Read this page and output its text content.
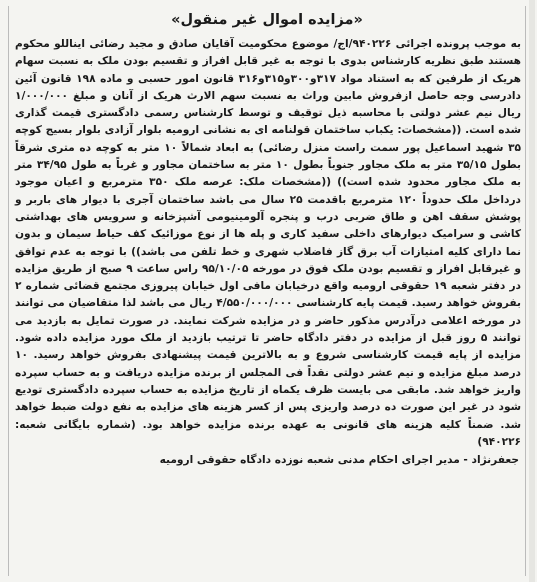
«مزایده اموال غیر منقول»

به موجب پرونده اجرائی ۹۴۰۲۲۶/اج/ موضوع محکومیت آقایان صادق و مجید رضائی ایناللو محکوم هستند طبق نظریه کارشناس بدوی با توجه به غیر قابل افراز و تقسیم بودن ملک به نسبت سهام هریک از طرفین که به استناد مواد ۳۱۷و۳۰۰و۳۱۵و۳۱۶ قانون امور حسبی و ماده ۱۹۸ قانون آئین دادرسی وجه حاصل ازفروش مابین وراث به نسبت سهم الارث هریک از آنان و مبلغ ۱/۰۰۰/۰۰۰ ریال نیم عشر دولتی با محاسبه ذیل توقیف و توسط کارشناس رسمی دادگستری قیمت گذاری شده است. ((مشخصات: یکباب ساختمان قولنامه ای به نشانی ارومیه بلوار آزادی بلوار بسیج کوچه ۳۵ شهید اسماعیل پور سمت راست منزل رضائی) به ابعاد شمالاً ۱۰ متر به کوچه ده متری شرقاً بطول ۳۵/۱۵ متر به ملک مجاور جنوباً بطول ۱۰ متر به ساختمان مجاور و غرباً به طول ۳۴/۹۵ متر به ملک مجاور محدود شده است)) ((مشخصات ملک: عرصه ملک ۳۵۰ مترمربع و اعیان موجود درداخل ملک حدوداً ۱۲۰ مترمربع باقدمت ۲۵ سال می باشد ساختمان آجری با دیوار های باربر و پوشش سقف اهن و طاق ضربی درب و پنجره آلومینیومی آشپزخانه و سرویس های بهداشتی کاشی و سرامیک دیوارهای داخلی سفید کاری و پله ها از نوع موزائیک کف حیاط سیمان و بدون نما دارای کلیه امتیازات آب برق گاز فاضلاب شهری و خط تلفن می باشد)) با توجه به عدم توافق و غیرقابل افراز و تقسیم بودن ملک فوق در مورخه ۹۵/۱۰/۰۵ راس ساعت ۹ صبح از طریق مزایده در دفتر شعبه ۱۹ حقوقی ارومیه واقع درخیابان مافی اول خیابان پیروزی مجتمع قضائی شماره ۲ بفروش خواهد رسید. قیمت پایه کارشناسی ۴/۵۵۰/۰۰۰/۰۰۰ ریال می باشد لذا متقاضیان می توانند در مورخه اعلامی درآدرس مذکور حاضر و در مزایده شرکت نمایند. در صورت تمایل به بازدید می توانند ۵ روز قبل از مزایده در دفتر دادگاه حاضر تا ترتیب بازدید از ملک مورد مزایده داده شود. مزایده از پایه قیمت کارشناسی شروع و به بالاترین قیمت پیشنهادی بفروش خواهد رسید. ۱۰ درصد مبلغ مزایده و نیم عشر دولتی نقداً فی المجلس از برنده مزایده دریافت و به حساب سپرده واریز خواهد شد. مابقی می بایست ظرف یکماه از تاریخ مزایده به حساب سپرده دادگستری تودیع شود در غیر این صورت ده درصد واریزی پس از کسر هزینه های مزایده به نفع دولت ضبط خواهد شد. ضمناً کلیه هزینه های قانونی به عهده برنده مزایده خواهد بود. (شماره بایگانی شعبه: ۹۴۰۲۲۶)

جعفرنژاد - مدیر اجرای احکام مدنی شعبه نوزده دادگاه حقوقی ارومیه
